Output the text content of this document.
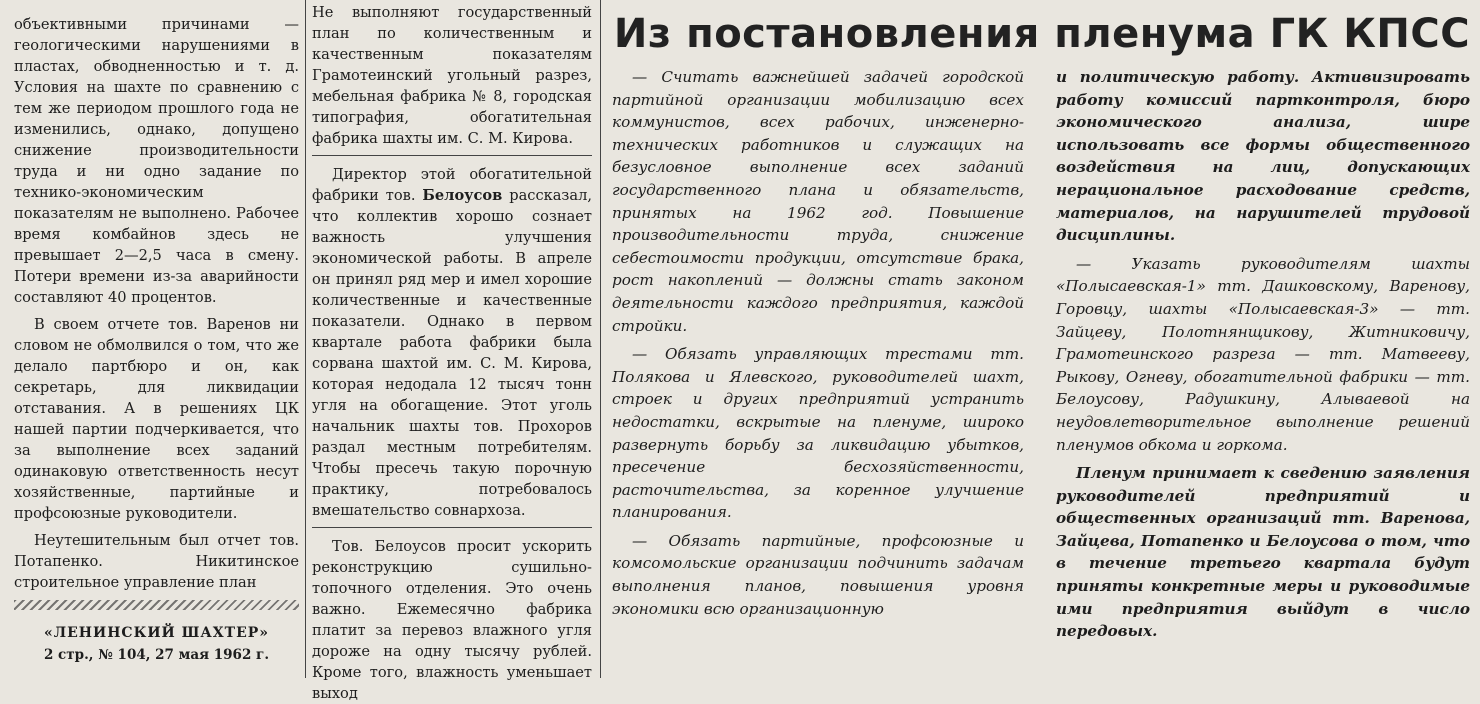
объективными причинами — геологическими нарушениями в пластах, обводненностью и т. д. Условия на шахте по сравнению с тем же периодом прошлого года не изменились, однако, допущено снижение производительности труда и ни одно задание по технико-экономическим показателям не выполнено. Рабочее время комбайнов здесь не превышает 2—2,5 часа в смену. Потери времени из-за аварийности составляют 40 процентов.

В своем отчете тов. Варенов ни словом не обмолвился о том, что же делало партбюро и он, как секретарь, для ликвидации отставания. А в решениях ЦК нашей партии подчеркивается, что за выполнение всех заданий одинаковую ответственность несут хозяйственные, партийные и профсоюзные руководители.

Неутешительным был отчет тов. Потапенко. Никитинское строительное управление план

«ЛЕНИНСКИЙ ШАХТЕР»
2 стр., № 104, 27 мая 1962 г.

Не выполняют государственный план по количественным и качественным показателям Грамотеинский угольный разрез, мебельная фабрика № 8, городская типография, обогатительная фабрика шахты им. С. М. Кирова.

Директор этой обогатительной фабрики тов. Белоусов рассказал, что коллектив хорошо сознает важность улучшения экономической работы. В апреле он принял ряд мер и имел хорошие количественные и качественные показатели. Однако в первом квартале работа фабрики была сорвана шахтой им. С. М. Кирова, которая недодала 12 тысяч тонн угля на обогащение. Этот уголь начальник шахты тов. Прохоров раздал местным потребителям. Чтобы пресечь такую порочную практику, потребовалось вмешательство совнархоза.

Тов. Белоусов просит ускорить реконструкцию сушильно-топочного отделения. Это очень важно. Ежемесячно фабрика платит за перевоз влажного угля дороже на одну тысячу рублей. Кроме того, влажность уменьшает выход

Из постановления пленума ГК КПСС

— Считать важнейшей задачей городской партийной организации мобилизацию всех коммунистов, всех рабочих, инженерно-технических работников и служащих на безусловное выполнение всех заданий государственного плана и обязательств, принятых на 1962 год. Повышение производительности труда, снижение себестоимости продукции, отсутствие брака, рост накоплений — должны стать законом деятельности каждого предприятия, каждой стройки.

— Обязать управляющих трестами тт. Полякова и Ялевского, руководителей шахт, строек и других предприятий устранить недостатки, вскрытые на пленуме, широко развернуть борьбу за ликвидацию убытков, пресечение бесхозяйственности, расточительства, за коренное улучшение планирования.

— Обязать партийные, профсоюзные и комсомольские организации подчинить задачам выполнения планов, повышения уровня экономики всю организационную

и политическую работу. Активизировать работу комиссий партконтроля, бюро экономического анализа, шире использовать все формы общественного воздействия на лиц, допускающих нерациональное расходование средств, материалов, на нарушителей трудовой дисциплины.

— Указать руководителям шахты «Полысаевская-1» тт. Дашковскому, Варенову, Горовцу, шахты «Полысаевская-3» — тт. Зайцеву, Полотнянщикову, Житниковичу, Грамотеинского разреза — тт. Матвееву, Рыкову, Огневу, обогатительной фабрики — тт. Белоусову, Радушкину, Алываевой на неудовлетворительное выполнение решений пленумов обкома и горкома.

Пленум принимает к сведению заявления руководителей предприятий и общественных организаций тт. Варенова, Зайцева, Потапенко и Белоусова о том, что в течение третьего квартала будут приняты конкретные меры и руководимые ими предприятия выйдут в число передовых.
